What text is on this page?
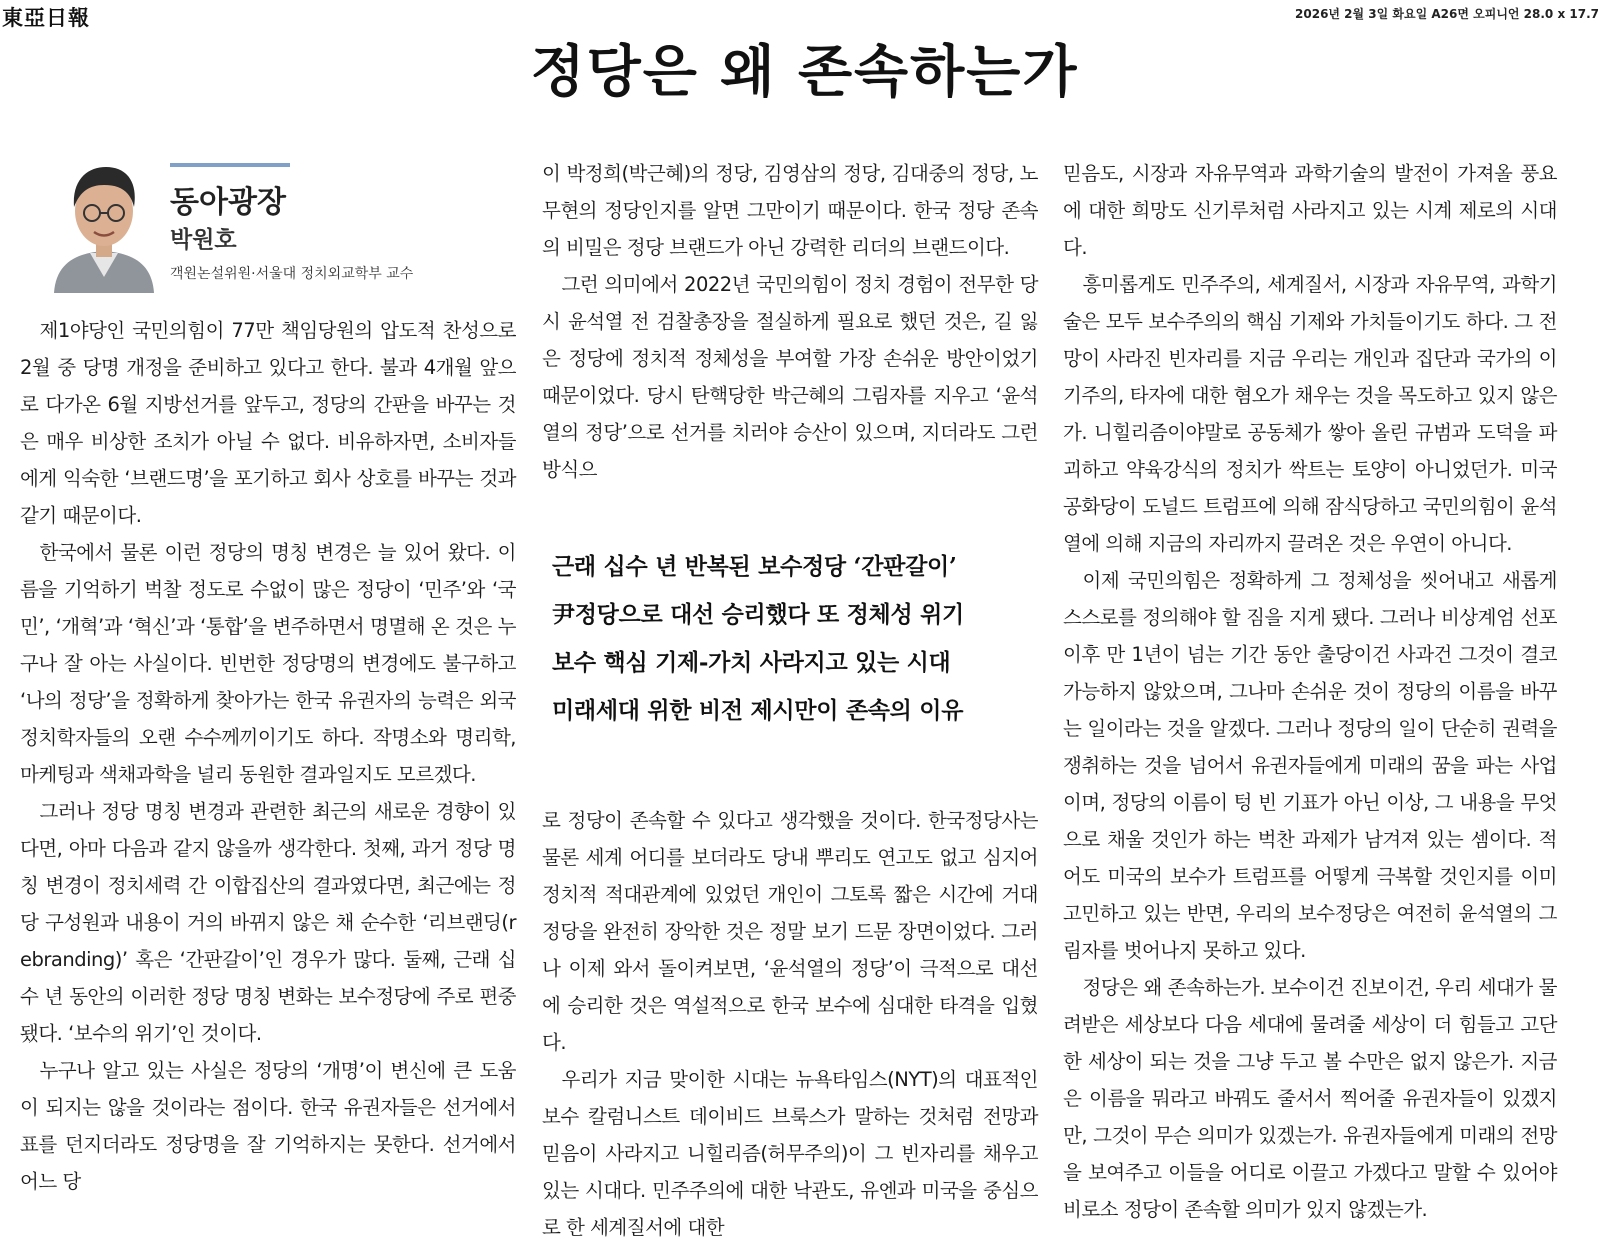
東亞日報	2026년 2월 3일 화요일 A26면 오피니언 28.0 x 17.7
정당은 왜 존속하는가
동아광장
박원호
객원논설위원·서울대 정치외교학부 교수

제1야당인 국민의힘이 77만 책임당원의 압도적 찬성으로 2월 중 당명 개정을 준비하고 있다고 한다. 불과 4개월 앞으로 다가온 6월 지방선거를 앞두고, 정당의 간판을 바꾸는 것은 매우 비상한 조치가 아닐 수 없다. 비유하자면, 소비자들에게 익숙한 ‘브랜드명’을 포기하고 회사 상호를 바꾸는 것과 같기 때문이다.

한국에서 물론 이런 정당의 명칭 변경은 늘 있어 왔다. 이름을 기억하기 벅찰 정도로 수없이 많은 정당이 ‘민주’와 ‘국민’, ‘개혁’과 ‘혁신’과 ‘통합’을 변주하면서 명멸해 온 것은 누구나 잘 아는 사실이다. 빈번한 정당명의 변경에도 불구하고 ‘나의 정당’을 정확하게 찾아가는 한국 유권자의 능력은 외국 정치학자들의 오랜 수수께끼이기도 하다. 작명소와 명리학, 마케팅과 색채과학을 널리 동원한 결과일지도 모르겠다.

그러나 정당 명칭 변경과 관련한 최근의 새로운 경향이 있다면, 아마 다음과 같지 않을까 생각한다. 첫째, 과거 정당 명칭 변경이 정치세력 간 이합집산의 결과였다면, 최근에는 정당 구성원과 내용이 거의 바뀌지 않은 채 순수한 ‘리브랜딩(rebranding)’ 혹은 ‘간판갈이’인 경우가 많다. 둘째, 근래 십수 년 동안의 이러한 정당 명칭 변화는 보수정당에 주로 편중됐다. ‘보수의 위기’인 것이다.

누구나 알고 있는 사실은 정당의 ‘개명’이 변신에 큰 도움이 되지는 않을 것이라는 점이다. 한국 유권자들은 선거에서 표를 던지더라도 정당명을 잘 기억하지는 못한다. 선거에서 어느 당

이 박정희(박근혜)의 정당, 김영삼의 정당, 김대중의 정당, 노무현의 정당인지를 알면 그만이기 때문이다. 한국 정당 존속의 비밀은 정당 브랜드가 아닌 강력한 리더의 브랜드이다.

그런 의미에서 2022년 국민의힘이 정치 경험이 전무한 당시 윤석열 전 검찰총장을 절실하게 필요로 했던 것은, 길 잃은 정당에 정치적 정체성을 부여할 가장 손쉬운 방안이었기 때문이었다. 당시 탄핵당한 박근혜의 그림자를 지우고 ‘윤석열의 정당’으로 선거를 치러야 승산이 있으며, 지더라도 그런 방식으

근래 십수 년 반복된 보수정당 ‘간판갈이’
尹정당으로 대선 승리했다 또 정체성 위기
보수 핵심 기제-가치 사라지고 있는 시대
미래세대 위한 비전 제시만이 존속의 이유

로 정당이 존속할 수 있다고 생각했을 것이다. 한국정당사는 물론 세계 어디를 보더라도 당내 뿌리도 연고도 없고 심지어 정치적 적대관계에 있었던 개인이 그토록 짧은 시간에 거대 정당을 완전히 장악한 것은 정말 보기 드문 장면이었다. 그러나 이제 와서 돌이켜보면, ‘윤석열의 정당’이 극적으로 대선에 승리한 것은 역설적으로 한국 보수에 심대한 타격을 입혔다.

우리가 지금 맞이한 시대는 뉴욕타임스(NYT)의 대표적인 보수 칼럼니스트 데이비드 브룩스가 말하는 것처럼 전망과 믿음이 사라지고 니힐리즘(허무주의)이 그 빈자리를 채우고 있는 시대다. 민주주의에 대한 낙관도, 유엔과 미국을 중심으로 한 세계질서에 대한

믿음도, 시장과 자유무역과 과학기술의 발전이 가져올 풍요에 대한 희망도 신기루처럼 사라지고 있는 시계 제로의 시대다.

흥미롭게도 민주주의, 세계질서, 시장과 자유무역, 과학기술은 모두 보수주의의 핵심 기제와 가치들이기도 하다. 그 전망이 사라진 빈자리를 지금 우리는 개인과 집단과 국가의 이기주의, 타자에 대한 혐오가 채우는 것을 목도하고 있지 않은가. 니힐리즘이야말로 공동체가 쌓아 올린 규범과 도덕을 파괴하고 약육강식의 정치가 싹트는 토양이 아니었던가. 미국 공화당이 도널드 트럼프에 의해 잠식당하고 국민의힘이 윤석열에 의해 지금의 자리까지 끌려온 것은 우연이 아니다.

이제 국민의힘은 정확하게 그 정체성을 씻어내고 새롭게 스스로를 정의해야 할 짐을 지게 됐다. 그러나 비상계엄 선포 이후 만 1년이 넘는 기간 동안 출당이건 사과건 그것이 결코 가능하지 않았으며, 그나마 손쉬운 것이 정당의 이름을 바꾸는 일이라는 것을 알겠다. 그러나 정당의 일이 단순히 권력을 쟁취하는 것을 넘어서 유권자들에게 미래의 꿈을 파는 사업이며, 정당의 이름이 텅 빈 기표가 아닌 이상, 그 내용을 무엇으로 채울 것인가 하는 벅찬 과제가 남겨져 있는 셈이다. 적어도 미국의 보수가 트럼프를 어떻게 극복할 것인지를 이미 고민하고 있는 반면, 우리의 보수정당은 여전히 윤석열의 그림자를 벗어나지 못하고 있다.

정당은 왜 존속하는가. 보수이건 진보이건, 우리 세대가 물려받은 세상보다 다음 세대에 물려줄 세상이 더 힘들고 고단한 세상이 되는 것을 그냥 두고 볼 수만은 없지 않은가. 지금은 이름을 뭐라고 바꿔도 줄서서 찍어줄 유권자들이 있겠지만, 그것이 무슨 의미가 있겠는가. 유권자들에게 미래의 전망을 보여주고 이들을 어디로 이끌고 가겠다고 말할 수 있어야 비로소 정당이 존속할 의미가 있지 않겠는가.
